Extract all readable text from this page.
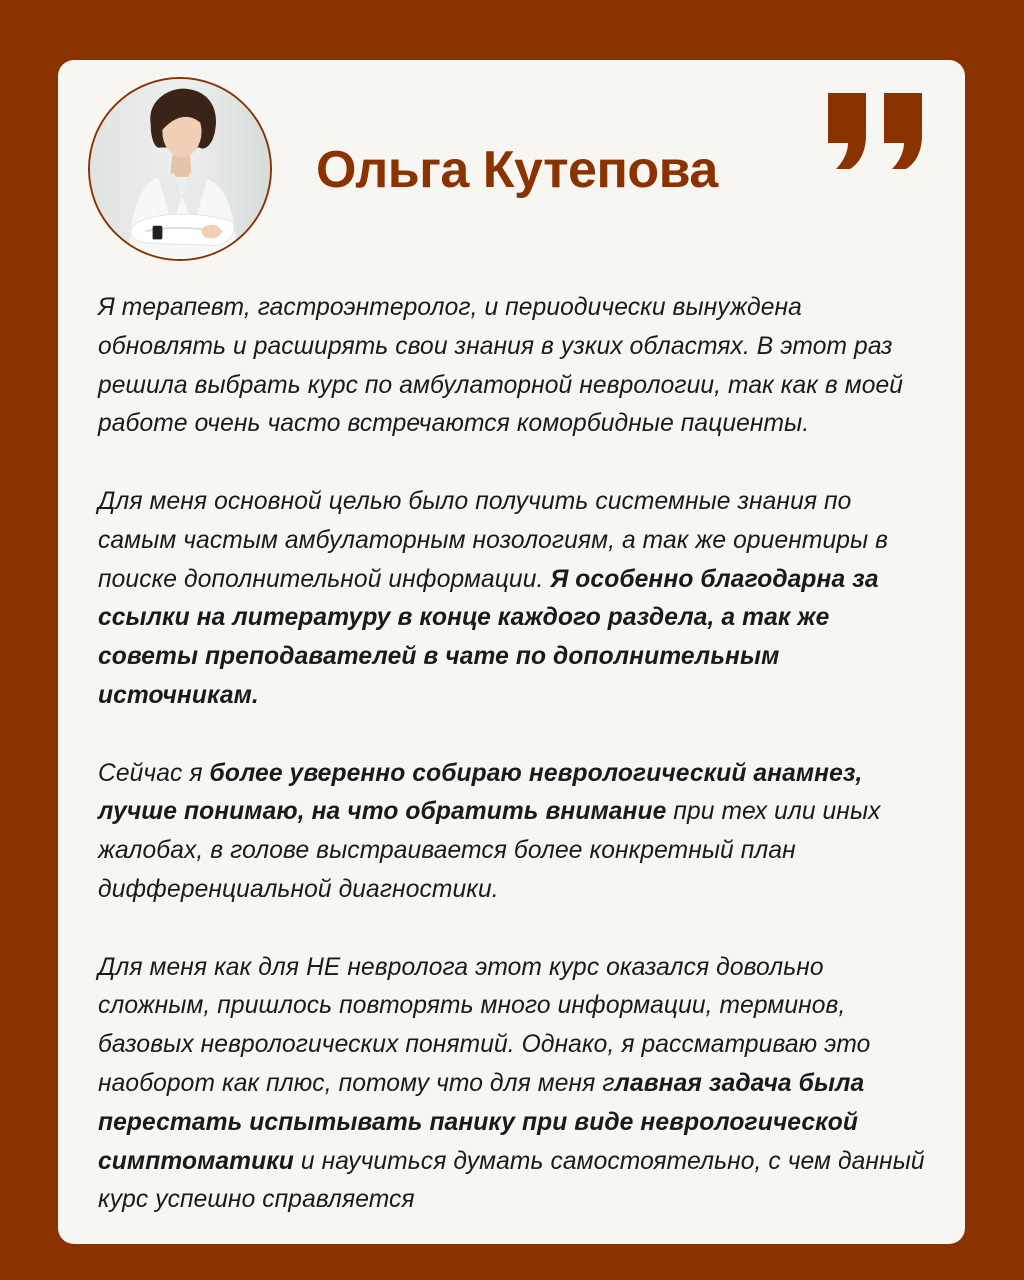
Ольга Кутепова

Я терапевт, гастроэнтеролог, и периодически вынуждена обновлять и расширять свои знания в узких областях. В этот раз решила выбрать курс по амбулаторной неврологии, так как в моей работе очень часто встречаются коморбидные пациенты.

Для меня основной целью было получить системные знания по самым частым амбулаторным нозологиям, а так же ориентиры в поиске дополнительной информации. Я особенно благодарна за ссылки на литературу в конце каждого раздела, а так же советы преподавателей в чате по дополнительным источникам.

Сейчас я более уверенно собираю неврологический анамнез, лучше понимаю, на что обратить внимание при тех или иных жалобах, в голове выстраивается более конкретный план дифференциальной диагностики.

Для меня как для НЕ невролога этот курс оказался довольно сложным, пришлось повторять много информации, терминов, базовых неврологических понятий. Однако, я рассматриваю это наоборот как плюс, потому что для меня главная задача была перестать испытывать панику при виде неврологической симптоматики и научиться думать самостоятельно, с чем данный курс успешно справляется
